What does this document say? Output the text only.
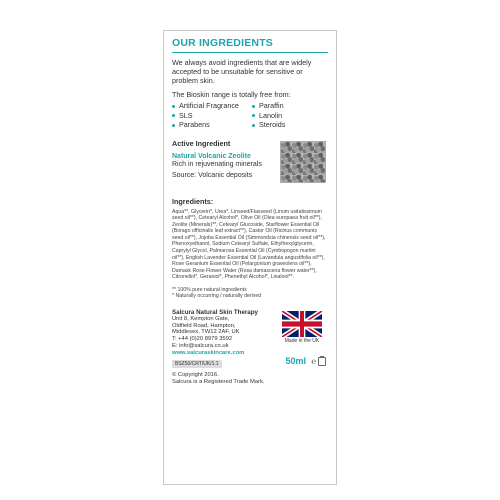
OUR INGREDIENTS

We always avoid ingredients that are widely accepted to be unsuitable for sensitive or problem skin.

The Bioskin range is totally free from:

Artificial Fragrance	Paraffin
SLS	Lanolin
Parabens	Steroids
Active Ingredient
Natural Volcanic Zeolite
Rich in rejuvenating minerals
Source: Volcanic deposits
Ingredients:

Aqua**, Glycerin*, Urea*, Linseed/Flaxseed (Linum usitatissimum seed oil**), Cetearyl Alcohol*, Olive Oil (Olea europaea fruit oil**), Zeolite (Minerals)**, Cetearyl Glucoside, Starflower Essential Oil (Borago officinalis leaf extract**), Castor Oil (Ricinus communis seed oil**), Jojoba Essential Oil (Simmondsia chinensis seed oil**), Phenoxyethanol, Sodium Cetearyl Sulfate, Ethylhexylglycerin, Caprylyl Glycol, Palmarosa Essential Oil (Cymbopogon martini oil**), English Lavender Essential Oil (Lavandula angustifolia oil**), Rose Geranium Essential Oil (Pelargonium graveolens oil**), Damask Rose Flower Water (Rosa damascena flower water**), Citronellol*, Geraniol*, Phenethyl Alcohol*, Linalool**.

** 100% pure natural ingredients
* Naturally occurring / naturally derived
Salcura Natural Skin Therapy
Unit 8, Kempton Gate,
Oldfield Road, Hampton,
Middlesex, TW12 2AF, UK
T: +44 (0)20 8979 3592
E: info@salcura.co.uk
www.salcuraskincare.com
Made in the UK
BSZ50/CRT/UK/1.1	50ml ℮
© Copyright 2016.
Salcura is a Registered Trade Mark.
